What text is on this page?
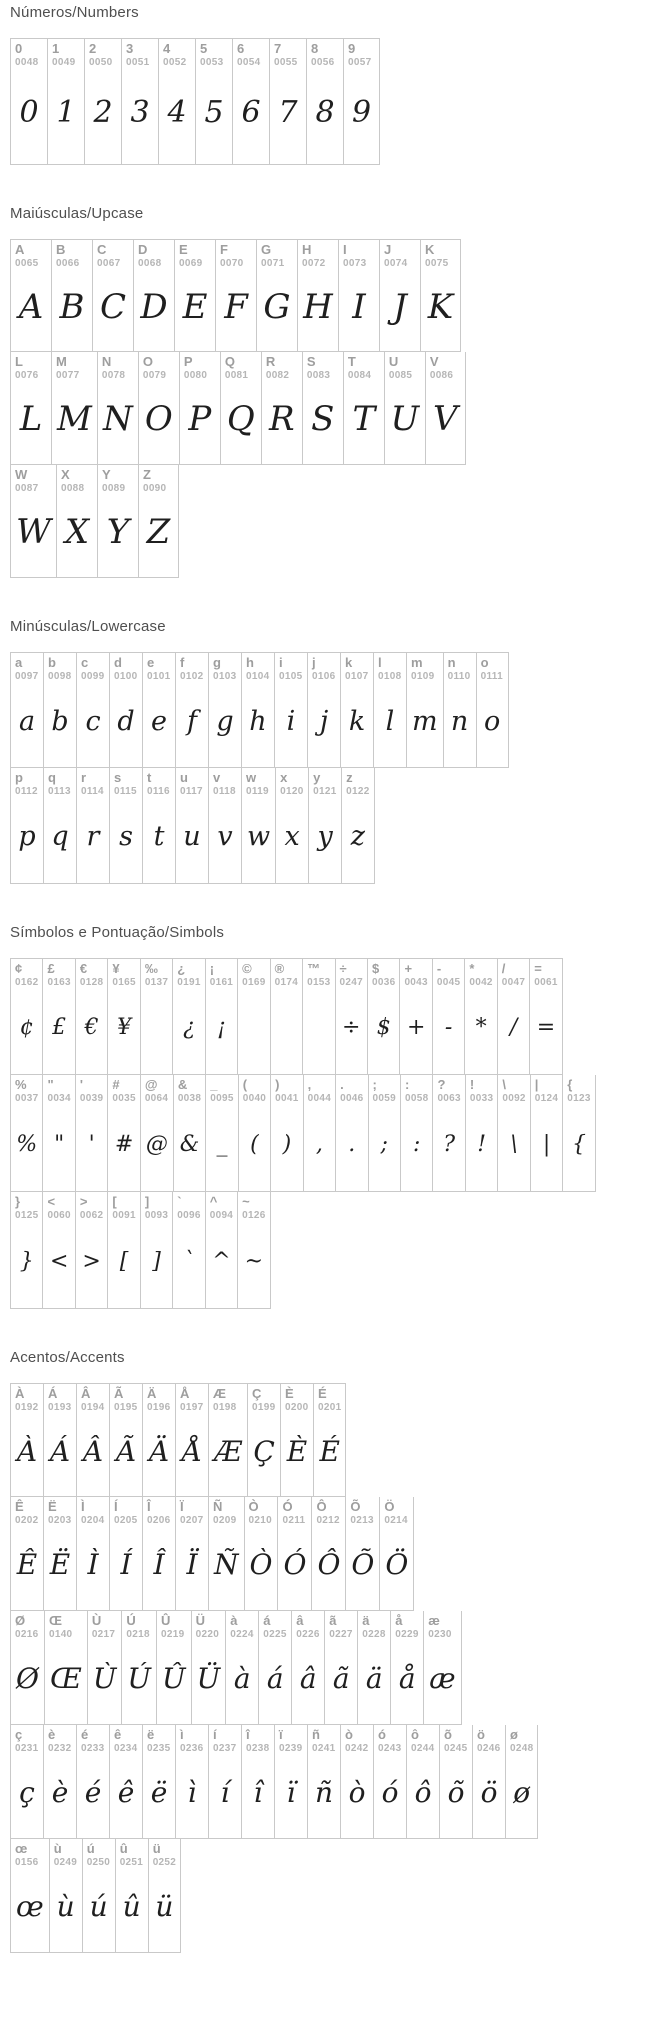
Números/Numbers
0
0048
0
1
0049
1
2
0050
2
3
0051
3
4
0052
4
5
0053
5
6
0054
6
7
0055
7
8
0056
8
9
0057
9
Maiúsculas/Upcase
A
0065
A
B
0066
B
C
0067
C
D
0068
D
E
0069
E
F
0070
F
G
0071
G
H
0072
H
I
0073
I
J
0074
J
K
0075
K
L
0076
L
M
0077
M
N
0078
N
O
0079
O
P
0080
P
Q
0081
Q
R
0082
R
S
0083
S
T
0084
T
U
0085
U
V
0086
V
W
0087
W
X
0088
X
Y
0089
Y
Z
0090
Z
Minúsculas/Lowercase
a
0097
a
b
0098
b
c
0099
c
d
0100
d
e
0101
e
f
0102
f
g
0103
g
h
0104
h
i
0105
i
j
0106
j
k
0107
k
l
0108
l
m
0109
m
n
0110
n
o
0111
o
p
0112
p
q
0113
q
r
0114
r
s
0115
s
t
0116
t
u
0117
u
v
0118
v
w
0119
w
x
0120
x
y
0121
y
z
0122
z
Símbolos e Pontuação/Simbols
¢
0162
¢
£
0163
£
€
0128
€
¥
0165
¥
‰
0137
¿
0191
¿
¡
0161
¡
©
0169
®
0174
™
0153
÷
0247
÷
$
0036
$
+
0043
+
-
0045
-
*
0042
*
/
0047
/
=
0061
=
%
0037
%
"
0034
"
'
0039
'
#
0035
#
@
0064
@
&
0038
&
_
0095
_
(
0040
(
)
0041
)
,
0044
,
.
0046
.
;
0059
;
:
0058
:
?
0063
?
!
0033
!
\
0092
\
|
0124
|
{
0123
{
}
0125
}
<
0060
<
>
0062
>
[
0091
[
]
0093
]
`
0096
`
^
0094
^
~
0126
~
Acentos/Accents
À
0192
À
Á
0193
Á
Â
0194
Â
Ã
0195
Ã
Ä
0196
Ä
Å
0197
Å
Æ
0198
Æ
Ç
0199
Ç
È
0200
È
É
0201
É
Ê
0202
Ê
Ë
0203
Ë
Ì
0204
Ì
Í
0205
Í
Î
0206
Î
Ï
0207
Ï
Ñ
0209
Ñ
Ò
0210
Ò
Ó
0211
Ó
Ô
0212
Ô
Õ
0213
Õ
Ö
0214
Ö
Ø
0216
Ø
Œ
0140
Œ
Ù
0217
Ù
Ú
0218
Ú
Û
0219
Û
Ü
0220
Ü
à
0224
à
á
0225
á
â
0226
â
ã
0227
ã
ä
0228
ä
å
0229
å
æ
0230
æ
ç
0231
ç
è
0232
è
é
0233
é
ê
0234
ê
ë
0235
ë
ì
0236
ì
í
0237
í
î
0238
î
ï
0239
ï
ñ
0241
ñ
ò
0242
ò
ó
0243
ó
ô
0244
ô
õ
0245
õ
ö
0246
ö
ø
0248
ø
œ
0156
œ
ù
0249
ù
ú
0250
ú
û
0251
û
ü
0252
ü
